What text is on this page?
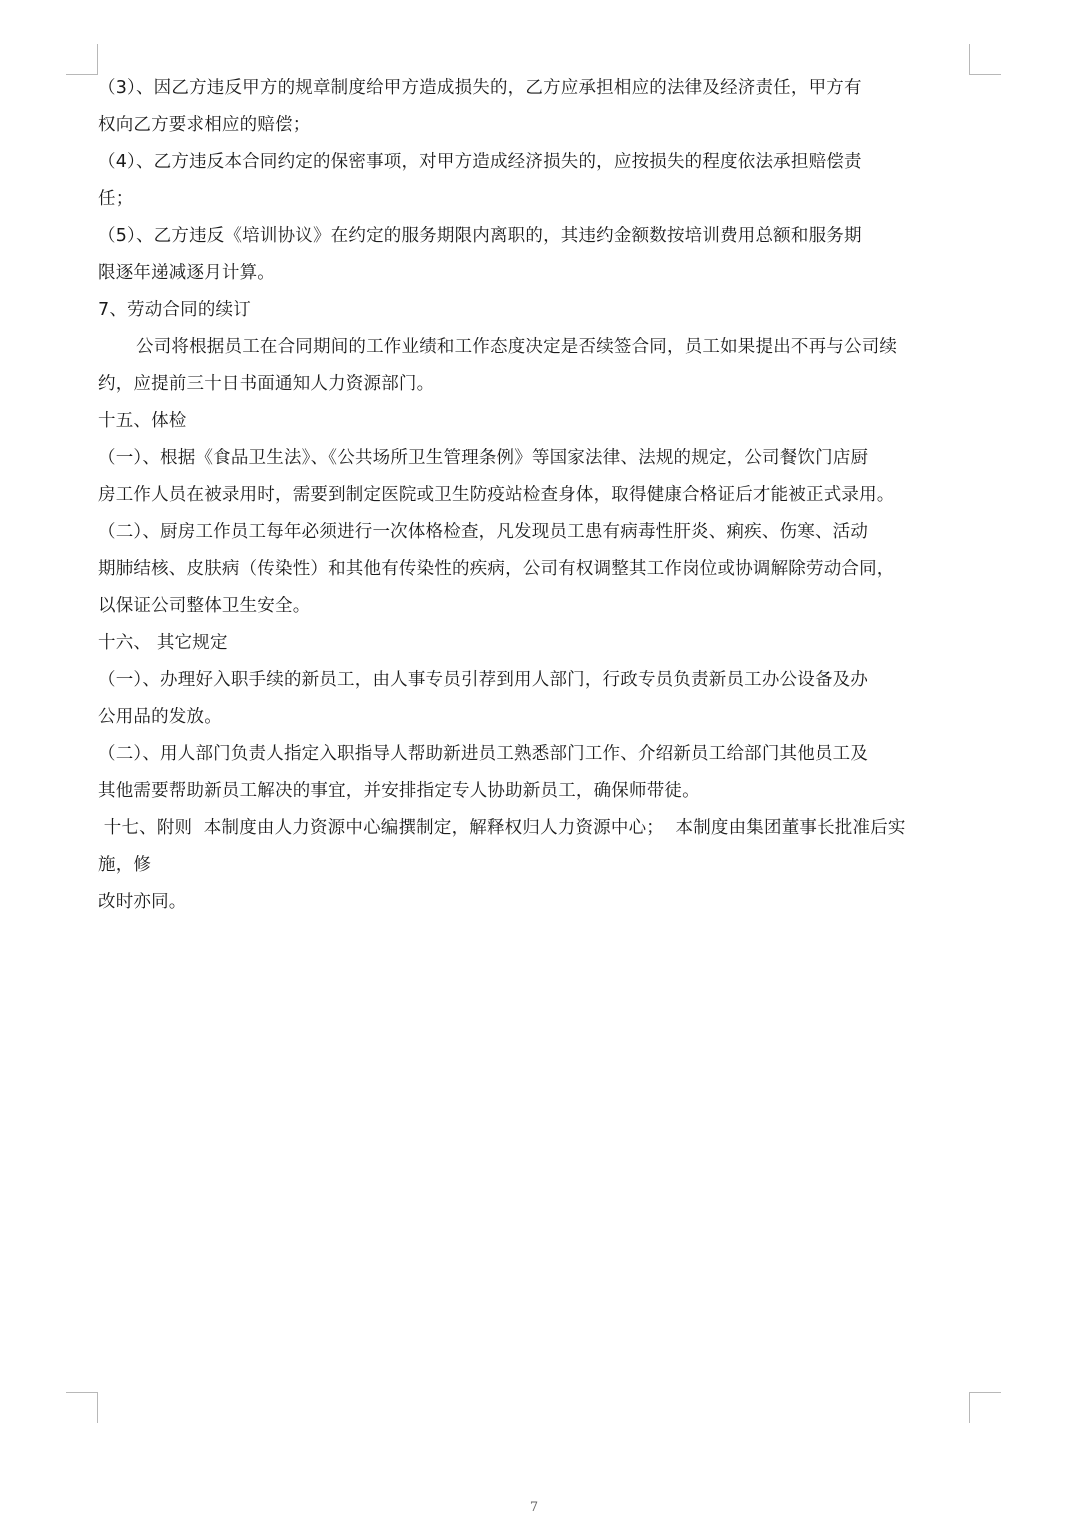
（3）、因乙方违反甲方的规章制度给甲方造成损失的，乙方应承担相应的法律及经济责任，甲方有
权向乙方要求相应的赔偿；
（4）、乙方违反本合同约定的保密事项，对甲方造成经济损失的，应按损失的程度依法承担赔偿责
任；
（5）、乙方违反《培训协议》在约定的服务期限内离职的，其违约金额数按培训费用总额和服务期
限逐年递减逐月计算。
7、劳动合同的续订
公司将根据员工在合同期间的工作业绩和工作态度决定是否续签合同，员工如果提出不再与公司续
约，应提前三十日书面通知人力资源部门。
十五、体检
（一）、根据《食品卫生法》、《公共场所卫生管理条例》等国家法律、法规的规定，公司餐饮门店厨
房工作人员在被录用时，需要到制定医院或卫生防疫站检查身体，取得健康合格证后才能被正式录用。
（二）、厨房工作员工每年必须进行一次体格检查，凡发现员工患有病毒性肝炎、痢疾、伤寒、活动
期肺结核、皮肤病（传染性）和其他有传染性的疾病，公司有权调整其工作岗位或协调解除劳动合同，
以保证公司整体卫生安全。
十六、 其它规定
（一）、办理好入职手续的新员工，由人事专员引荐到用人部门，行政专员负责新员工办公设备及办
公用品的发放。
（二）、用人部门负责人指定入职指导人帮助新进员工熟悉部门工作、介绍新员工给部门其他员工及
其他需要帮助新员工解决的事宜，并安排指定专人协助新员工，确保师带徒。
十七、附则  本制度由人力资源中心编撰制定，解释权归人力资源中心；  本制度由集团董事长批准后实
施，修
改时亦同。
7
